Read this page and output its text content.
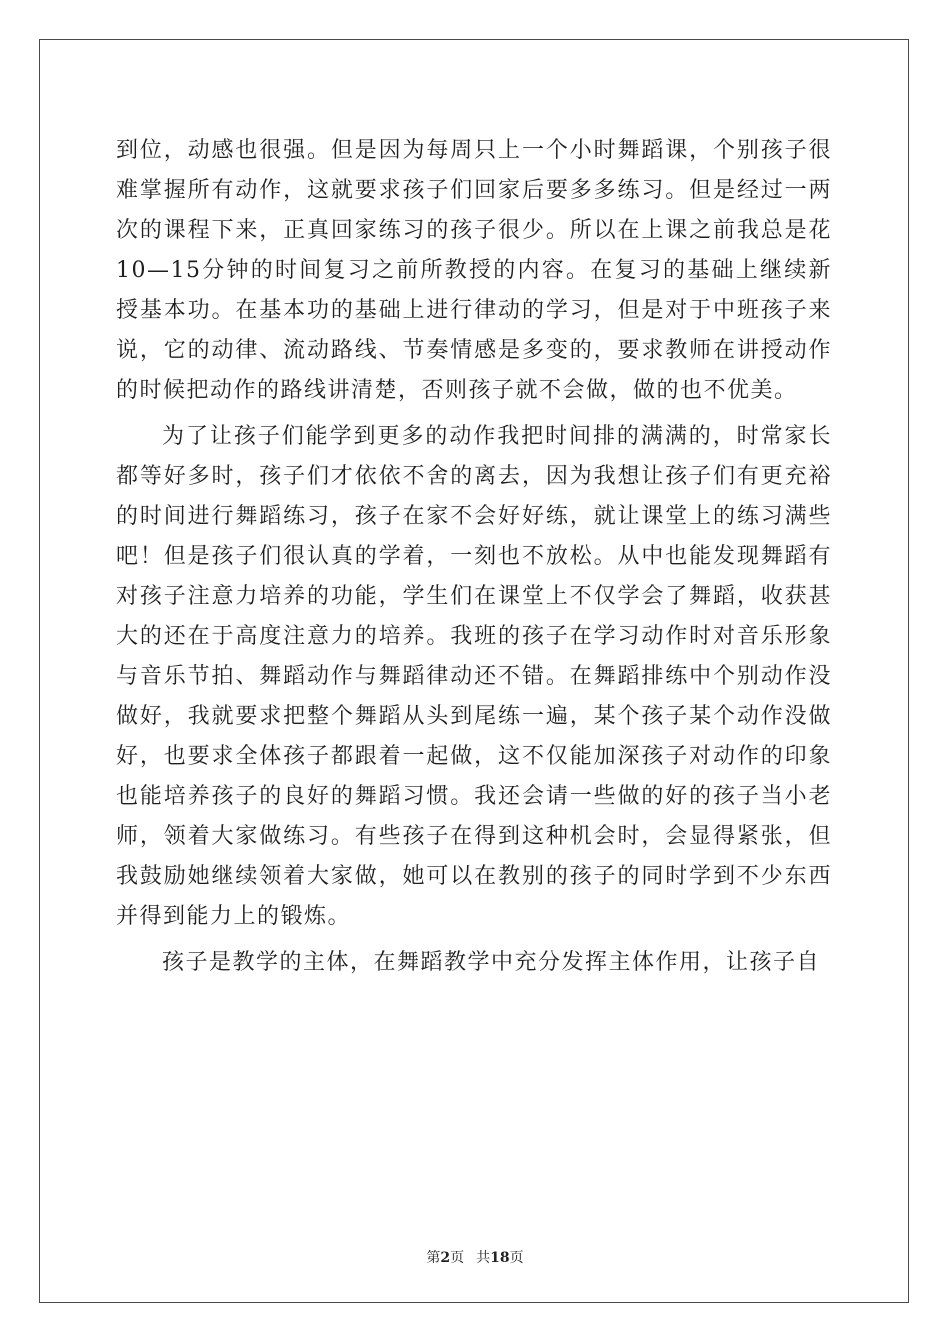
到位，动感也很强。但是因为每周只上一个小时舞蹈课，个别孩子很难掌握所有动作，这就要求孩子们回家后要多多练习。但是经过一两次的课程下来，正真回家练习的孩子很少。所以在上课之前我总是花10—15分钟的时间复习之前所教授的内容。在复习的基础上继续新授基本功。在基本功的基础上进行律动的学习，但是对于中班孩子来说，它的动律、流动路线、节奏情感是多变的，要求教师在讲授动作的时候把动作的路线讲清楚，否则孩子就不会做，做的也不优美。

为了让孩子们能学到更多的动作我把时间排的满满的，时常家长都等好多时，孩子们才依依不舍的离去，因为我想让孩子们有更充裕的时间进行舞蹈练习，孩子在家不会好好练，就让课堂上的练习满些吧！但是孩子们很认真的学着，一刻也不放松。从中也能发现舞蹈有对孩子注意力培养的功能，学生们在课堂上不仅学会了舞蹈，收获甚大的还在于高度注意力的培养。我班的孩子在学习动作时对音乐形象与音乐节拍、舞蹈动作与舞蹈律动还不错。在舞蹈排练中个别动作没做好，我就要求把整个舞蹈从头到尾练一遍，某个孩子某个动作没做好，也要求全体孩子都跟着一起做，这不仅能加深孩子对动作的印象也能培养孩子的良好的舞蹈习惯。我还会请一些做的好的孩子当小老师，领着大家做练习。有些孩子在得到这种机会时，会显得紧张，但我鼓励她继续领着大家做，她可以在教别的孩子的同时学到不少东西并得到能力上的锻炼。

孩子是教学的主体，在舞蹈教学中充分发挥主体作用，让孩子自

第2页 共18页
